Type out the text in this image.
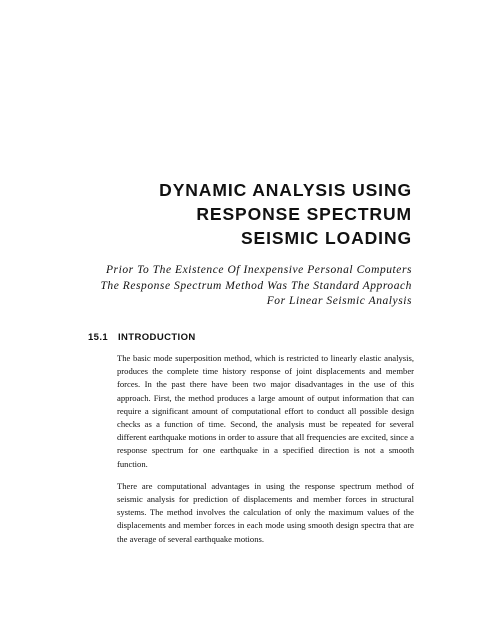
DYNAMIC ANALYSIS USING
RESPONSE SPECTRUM
SEISMIC LOADING
Prior To The Existence Of Inexpensive Personal Computers
The Response Spectrum Method Was The Standard Approach
For Linear Seismic Analysis
15.1 INTRODUCTION

The basic mode superposition method, which is restricted to linearly elastic analysis, produces the complete time history response of joint displacements and member forces. In the past there have been two major disadvantages in the use of this approach. First, the method produces a large amount of output information that can require a significant amount of computational effort to conduct all possible design checks as a function of time. Second, the analysis must be repeated for several different earthquake motions in order to assure that all frequencies are excited, since a response spectrum for one earthquake in a specified direction is not a smooth function.

There are computational advantages in using the response spectrum method of seismic analysis for prediction of displacements and member forces in structural systems. The method involves the calculation of only the maximum values of the displacements and member forces in each mode using smooth design spectra that are the average of several earthquake motions.
